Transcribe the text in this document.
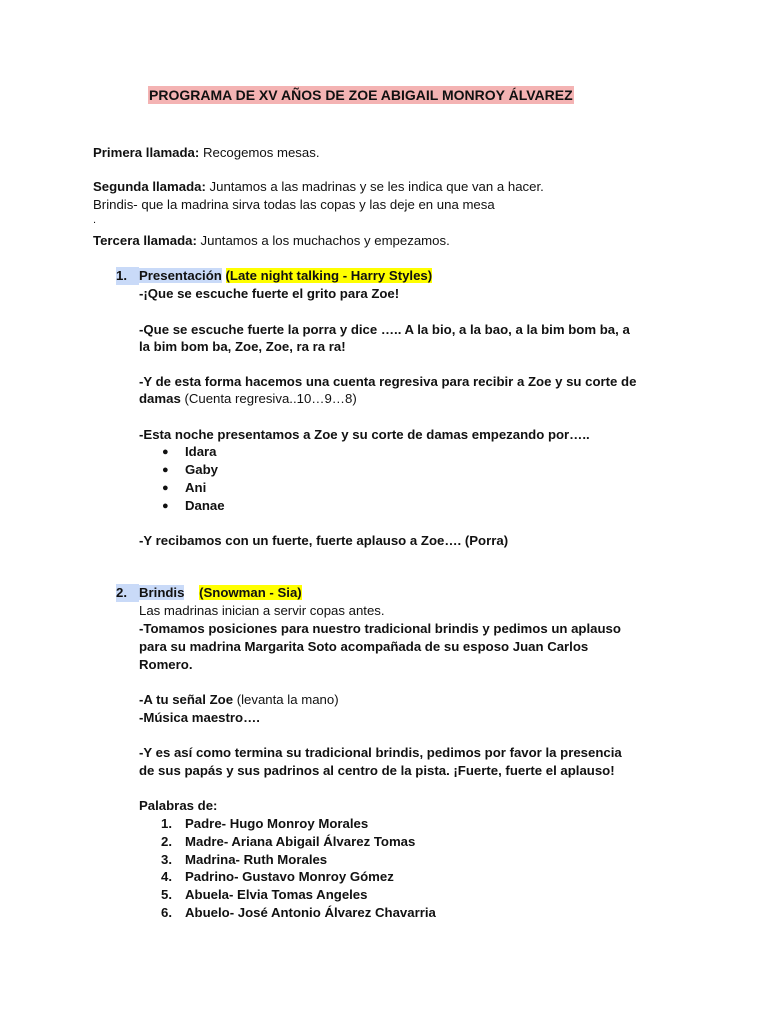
PROGRAMA DE XV AÑOS DE ZOE ABIGAIL MONROY ÁLVAREZ
Primera llamada: Recogemos mesas.
Segunda llamada: Juntamos a las madrinas y se les indica que van a hacer.
Brindis- que la madrina sirva todas las copas y las deje en una mesa
.
Tercera llamada: Juntamos a los muchachos y empezamos.
1. Presentación (Late night talking - Harry Styles)
-¡Que se escuche fuerte el grito para Zoe!
-Que se escuche fuerte la porra y dice ….. A la bio, a la bao, a la bim bom ba, a
la bim bom ba, Zoe, Zoe, ra ra ra!
-Y de esta forma hacemos una cuenta regresiva para recibir a Zoe y su corte de
damas (Cuenta regresiva..10…9…8)
-Esta noche presentamos a Zoe y su corte de damas empezando por…..
● Idara
● Gaby
● Ani
● Danae
-Y recibamos con un fuerte, fuerte aplauso a Zoe…. (Porra)
2. Brindis (Snowman - Sia)
Las madrinas inician a servir copas antes.
-Tomamos posiciones para nuestro tradicional brindis y pedimos un aplauso
para su madrina Margarita Soto acompañada de su esposo Juan Carlos
Romero.
-A tu señal Zoe (levanta la mano)
-Música maestro….
-Y es así como termina su tradicional brindis, pedimos por favor la presencia
de sus papás y sus padrinos al centro de la pista. ¡Fuerte, fuerte el aplauso!
Palabras de:
1. Padre- Hugo Monroy Morales
2. Madre- Ariana Abigail Álvarez Tomas
3. Madrina- Ruth Morales
4. Padrino- Gustavo Monroy Gómez
5. Abuela- Elvia Tomas Angeles
6. Abuelo- José Antonio Álvarez Chavarria
